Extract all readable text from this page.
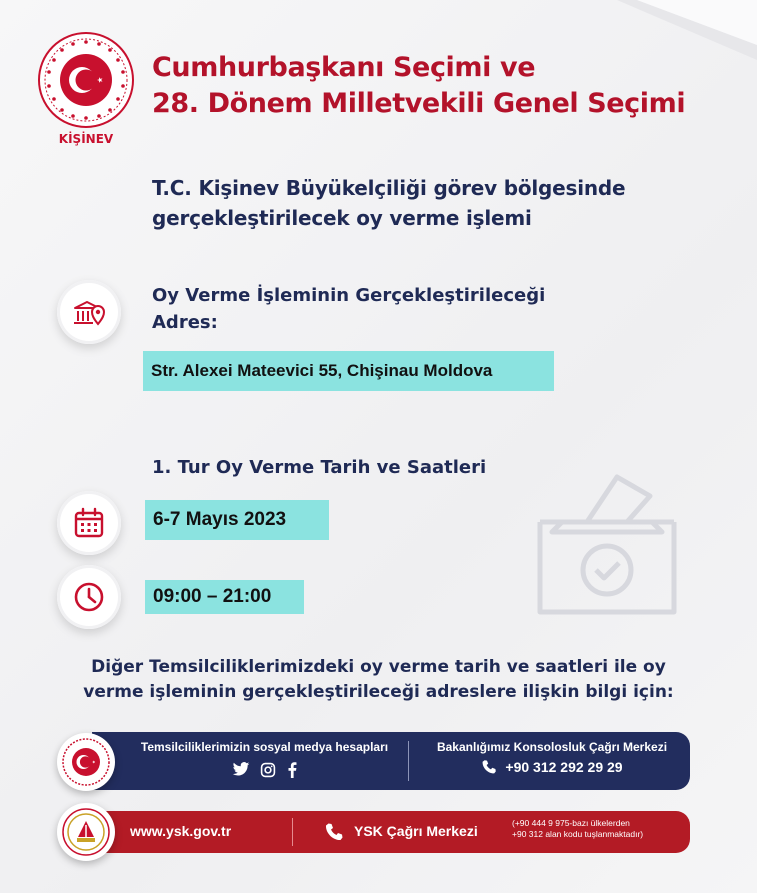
KİŞİNEV
Cumhurbaşkanı Seçimi ve
28. Dönem Milletvekili Genel Seçimi
T.C. Kişinev Büyükelçiliği görev bölgesinde
gerçekleştirilecek oy verme işlemi
Oy Verme İşleminin Gerçekleştirileceği
Adres:
Str. Alexei Mateevici 55, Chişinau Moldova
1. Tur Oy Verme Tarih ve Saatleri
6-7 Mayıs 2023
09:00 – 21:00
Diğer Temsilciliklerimizdeki oy verme tarih ve saatleri ile oy
verme işleminin gerçekleştirileceği adreslere ilişkin bilgi için:
Temsilciliklerimizin sosyal medya hesapları	Bakanlığımız Konsolosluk Çağrı Merkezi
+90 312 292 29 29
www.ysk.gov.tr	YSK Çağrı Merkezi	(+90 444 9 975-bazı ülkelerden
+90 312 alan kodu tuşlanmaktadır)
